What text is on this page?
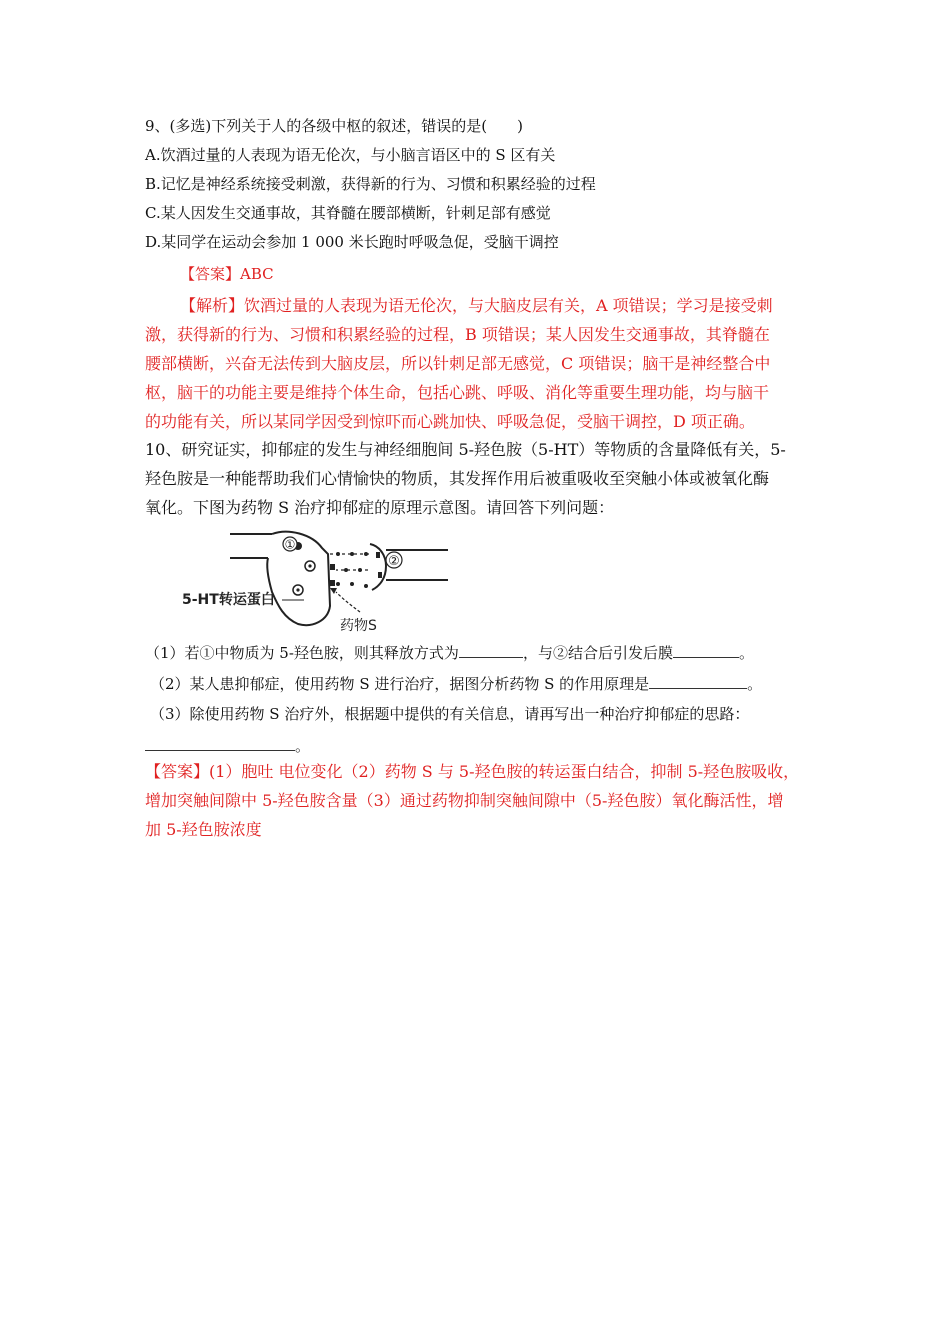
9、(多选)下列关于人的各级中枢的叙述，错误的是(　　)
A.饮酒过量的人表现为语无伦次，与小脑言语区中的 S 区有关
B.记忆是神经系统接受刺激，获得新的行为、习惯和积累经验的过程
C.某人因发生交通事故，其脊髓在腰部横断，针刺足部有感觉
D.某同学在运动会参加 1 000 米长跑时呼吸急促，受脑干调控
【答案】ABC
【解析】饮酒过量的人表现为语无伦次，与大脑皮层有关，A 项错误；学习是接受刺
激，获得新的行为、习惯和积累经验的过程，B 项错误；某人因发生交通事故，其脊髓在
腰部横断，兴奋无法传到大脑皮层，所以针刺足部无感觉，C 项错误；脑干是神经整合中
枢，脑干的功能主要是维持个体生命，包括心跳、呼吸、消化等重要生理功能，均与脑干
的功能有关，所以某同学因受到惊吓而心跳加快、呼吸急促，受脑干调控，D 项正确。
10、研究证实，抑郁症的发生与神经细胞间 5-羟色胺（5-HT）等物质的含量降低有关，5-
羟色胺是一种能帮助我们心情愉快的物质，其发挥作用后被重吸收至突触小体或被氧化酶
氧化。下图为药物 S 治疗抑郁症的原理示意图。请回答下列问题：
①
②
5-HT转运蛋白
药物S
（1）若①中物质为 5-羟色胺，则其释放方式为	，与②结合后引发后膜	。
（2）某人患抑郁症，使用药物 S 进行治疗，据图分析药物 S 的作用原理是	。
（3）除使用药物 S 治疗外，根据题中提供的有关信息，请再写出一种治疗抑郁症的思路：
。
【答案】(1）胞吐 电位变化（2）药物 S 与 5-羟色胺的转运蛋白结合，抑制 5-羟色胺吸收，
增加突触间隙中 5-羟色胺含量（3）通过药物抑制突触间隙中（5-羟色胺）氧化酶活性，增
加 5-羟色胺浓度
